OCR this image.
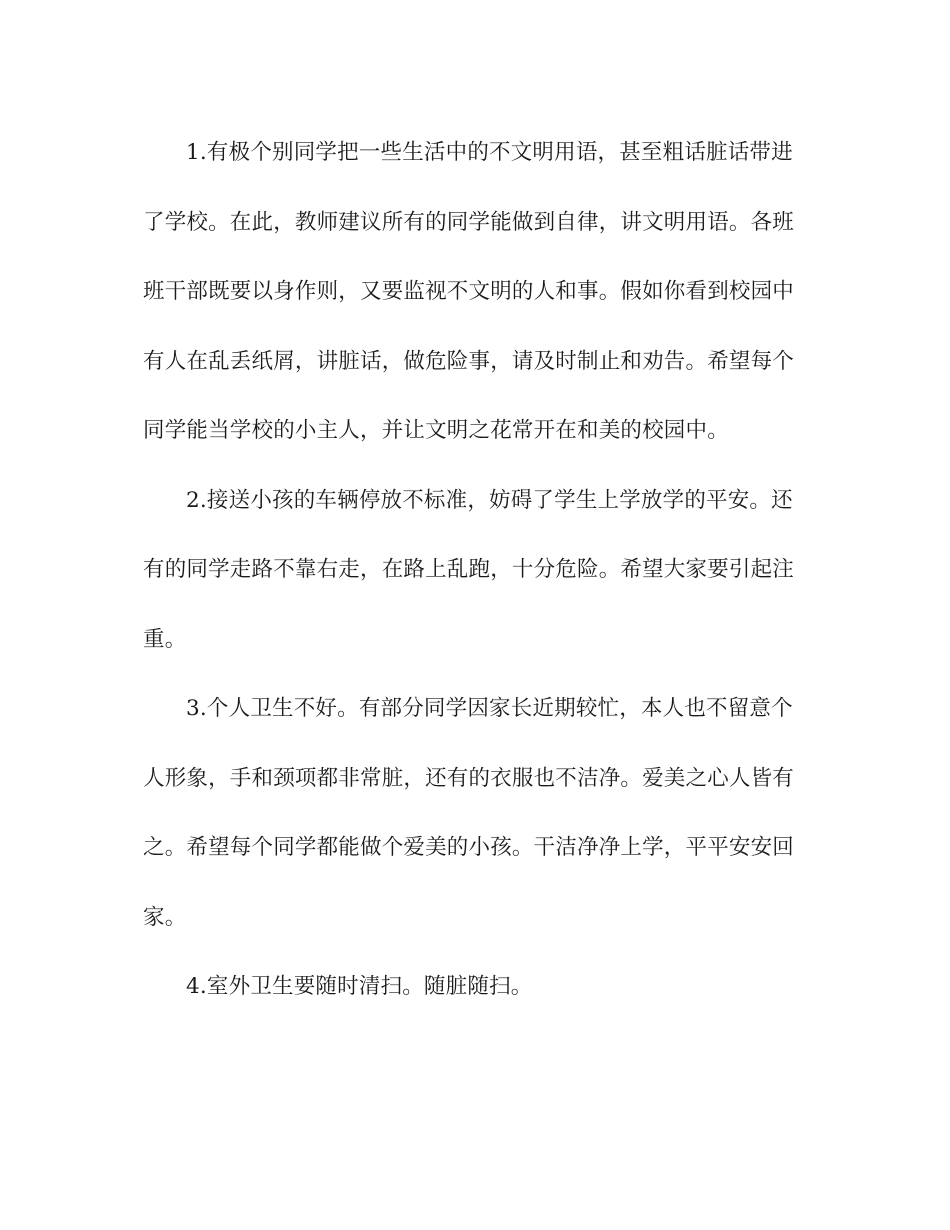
1.有极个别同学把一些生活中的不文明用语，甚至粗话脏话带进
了学校。在此，教师建议所有的同学能做到自律，讲文明用语。各班
班干部既要以身作则，又要监视不文明的人和事。假如你看到校园中
有人在乱丢纸屑，讲脏话，做危险事，请及时制止和劝告。希望每个
同学能当学校的小主人，并让文明之花常开在和美的校园中。

2.接送小孩的车辆停放不标准，妨碍了学生上学放学的平安。还
有的同学走路不靠右走，在路上乱跑，十分危险。希望大家要引起注
重。

3.个人卫生不好。有部分同学因家长近期较忙，本人也不留意个
人形象，手和颈项都非常脏，还有的衣服也不洁净。爱美之心人皆有
之。希望每个同学都能做个爱美的小孩。干洁净净上学，平平安安回
家。

4.室外卫生要随时清扫。随脏随扫。
